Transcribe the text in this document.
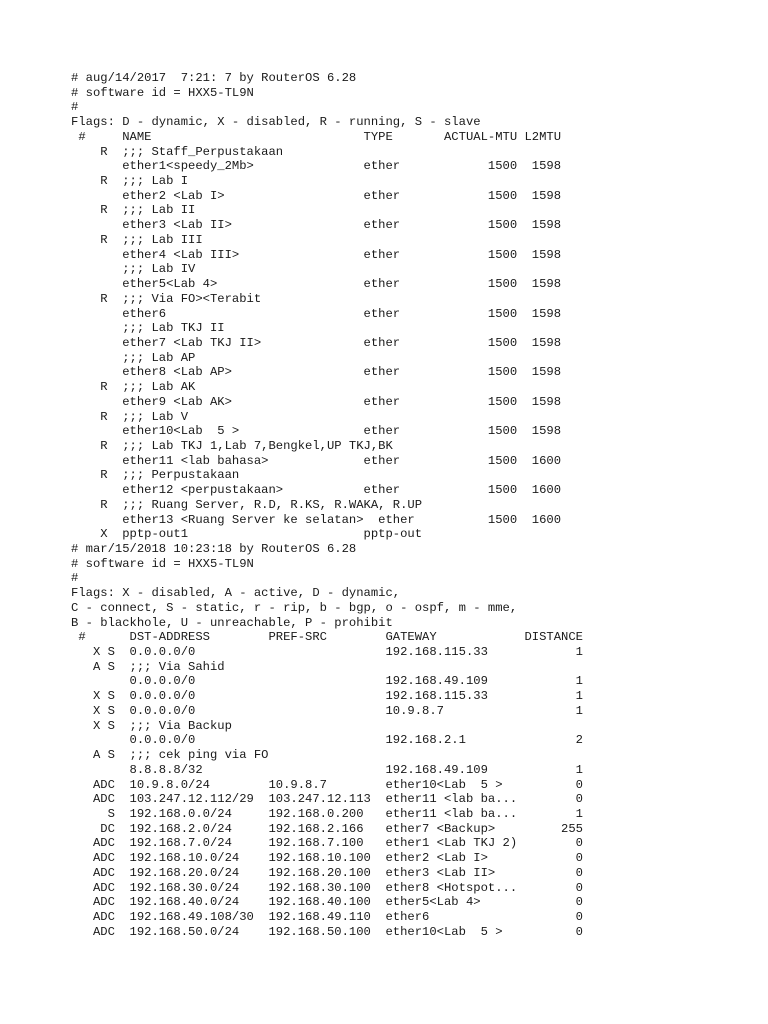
# aug/14/2017  7:21: 7 by RouterOS 6.28
# software id = HXX5-TL9N
#
Flags: D - dynamic, X - disabled, R - running, S - slave
#     NAME                             TYPE       ACTUAL-MTU L2MTU
R  ;;; Staff_Perpustakaan
ether1<speedy_2Mb>               ether            1500  1598
R  ;;; Lab I
ether2 <Lab I>                   ether            1500  1598
R  ;;; Lab II
ether3 <Lab II>                  ether            1500  1598
R  ;;; Lab III
ether4 <Lab III>                 ether            1500  1598
;;; Lab IV
ether5<Lab 4>                    ether            1500  1598
R  ;;; Via FO><Terabit
ether6                           ether            1500  1598
;;; Lab TKJ II
ether7 <Lab TKJ II>              ether            1500  1598
;;; Lab AP
ether8 <Lab AP>                  ether            1500  1598
R  ;;; Lab AK
ether9 <Lab AK>                  ether            1500  1598
R  ;;; Lab V
ether10<Lab  5 >                 ether            1500  1598
R  ;;; Lab TKJ 1,Lab 7,Bengkel,UP TKJ,BK
ether11 <lab bahasa>             ether            1500  1600
R  ;;; Perpustakaan
ether12 <perpustakaan>           ether            1500  1600
R  ;;; Ruang Server, R.D, R.KS, R.WAKA, R.UP
ether13 <Ruang Server ke selatan>  ether          1500  1600
X  pptp-out1                        pptp-out
# mar/15/2018 10:23:18 by RouterOS 6.28
# software id = HXX5-TL9N
#
Flags: X - disabled, A - active, D - dynamic,
C - connect, S - static, r - rip, b - bgp, o - ospf, m - mme,
B - blackhole, U - unreachable, P - prohibit
#      DST-ADDRESS        PREF-SRC        GATEWAY            DISTANCE
X S  0.0.0.0/0                          192.168.115.33            1
A S  ;;; Via Sahid
0.0.0.0/0                          192.168.49.109            1
X S  0.0.0.0/0                          192.168.115.33            1
X S  0.0.0.0/0                          10.9.8.7                  1
X S  ;;; Via Backup
0.0.0.0/0                          192.168.2.1               2
A S  ;;; cek ping via FO
8.8.8.8/32                         192.168.49.109            1
ADC  10.9.8.0/24        10.9.8.7        ether10<Lab  5 >          0
ADC  103.247.12.112/29  103.247.12.113  ether11 <lab ba...        0
S  192.168.0.0/24     192.168.0.200   ether11 <lab ba...        1
DC  192.168.2.0/24     192.168.2.166   ether7 <Backup>         255
ADC  192.168.7.0/24     192.168.7.100   ether1 <Lab TKJ 2)        0
ADC  192.168.10.0/24    192.168.10.100  ether2 <Lab I>            0
ADC  192.168.20.0/24    192.168.20.100  ether3 <Lab II>           0
ADC  192.168.30.0/24    192.168.30.100  ether8 <Hotspot...        0
ADC  192.168.40.0/24    192.168.40.100  ether5<Lab 4>             0
ADC  192.168.49.108/30  192.168.49.110  ether6                    0
ADC  192.168.50.0/24    192.168.50.100  ether10<Lab  5 >          0
